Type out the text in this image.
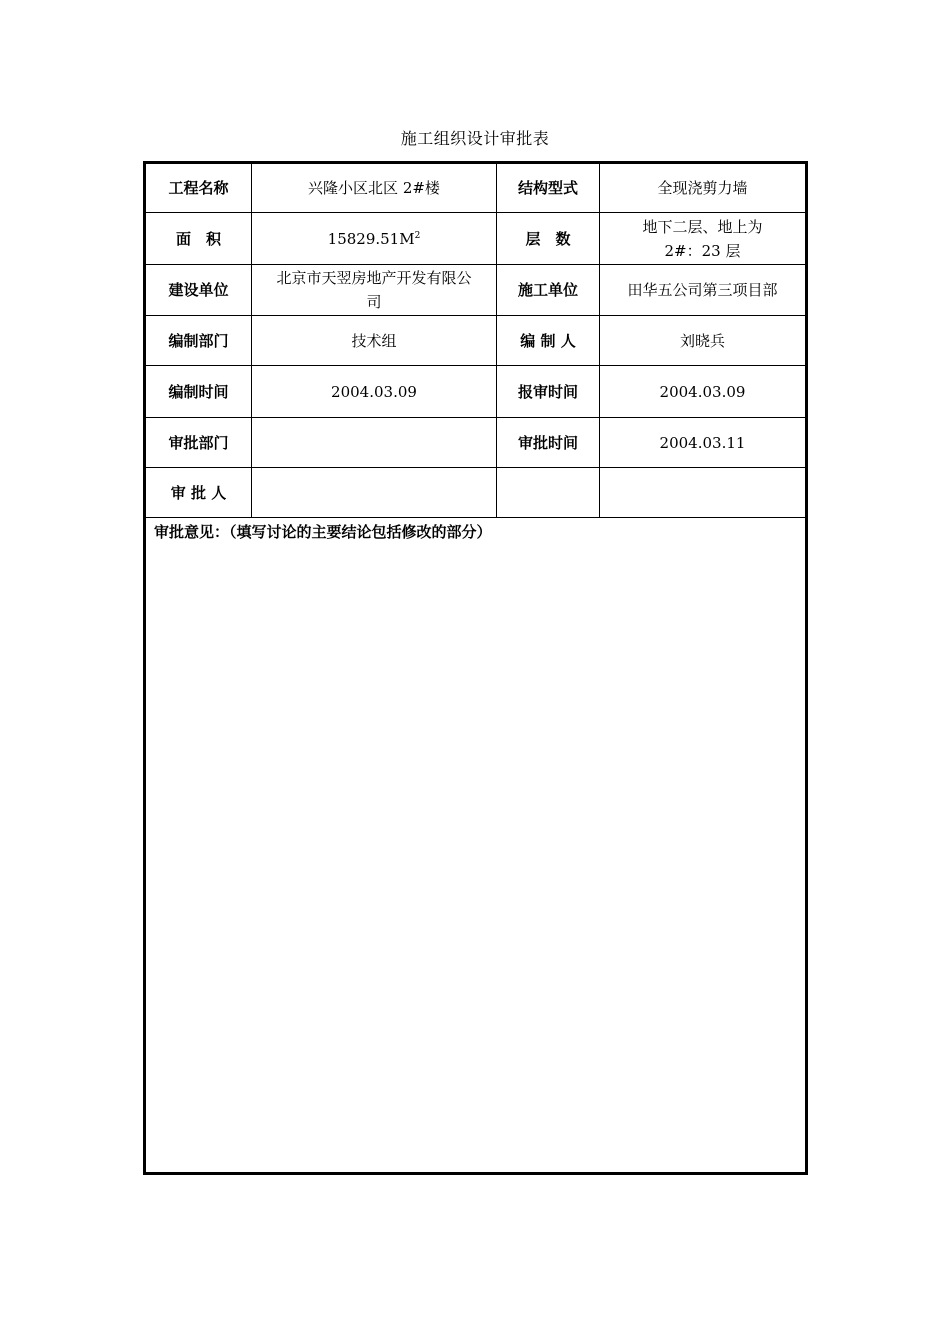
施工组织设计审批表
工程名称	兴隆小区北区 2#楼	结构型式	全现浇剪力墙
面　积	$15829.51M^2$	层　数	地下二层、地上为
2#：23 层
建设单位	北京市天翌房地产开发有限公
司	施工单位	田华五公司第三项目部
编制部门	技术组	编 制 人	刘晓兵
编制时间	2004.03.09	报审时间	2004.03.09
审批部门		审批时间	2004.03.11
审 批 人			
审批意见：（填写讨论的主要结论包括修改的部分）			
